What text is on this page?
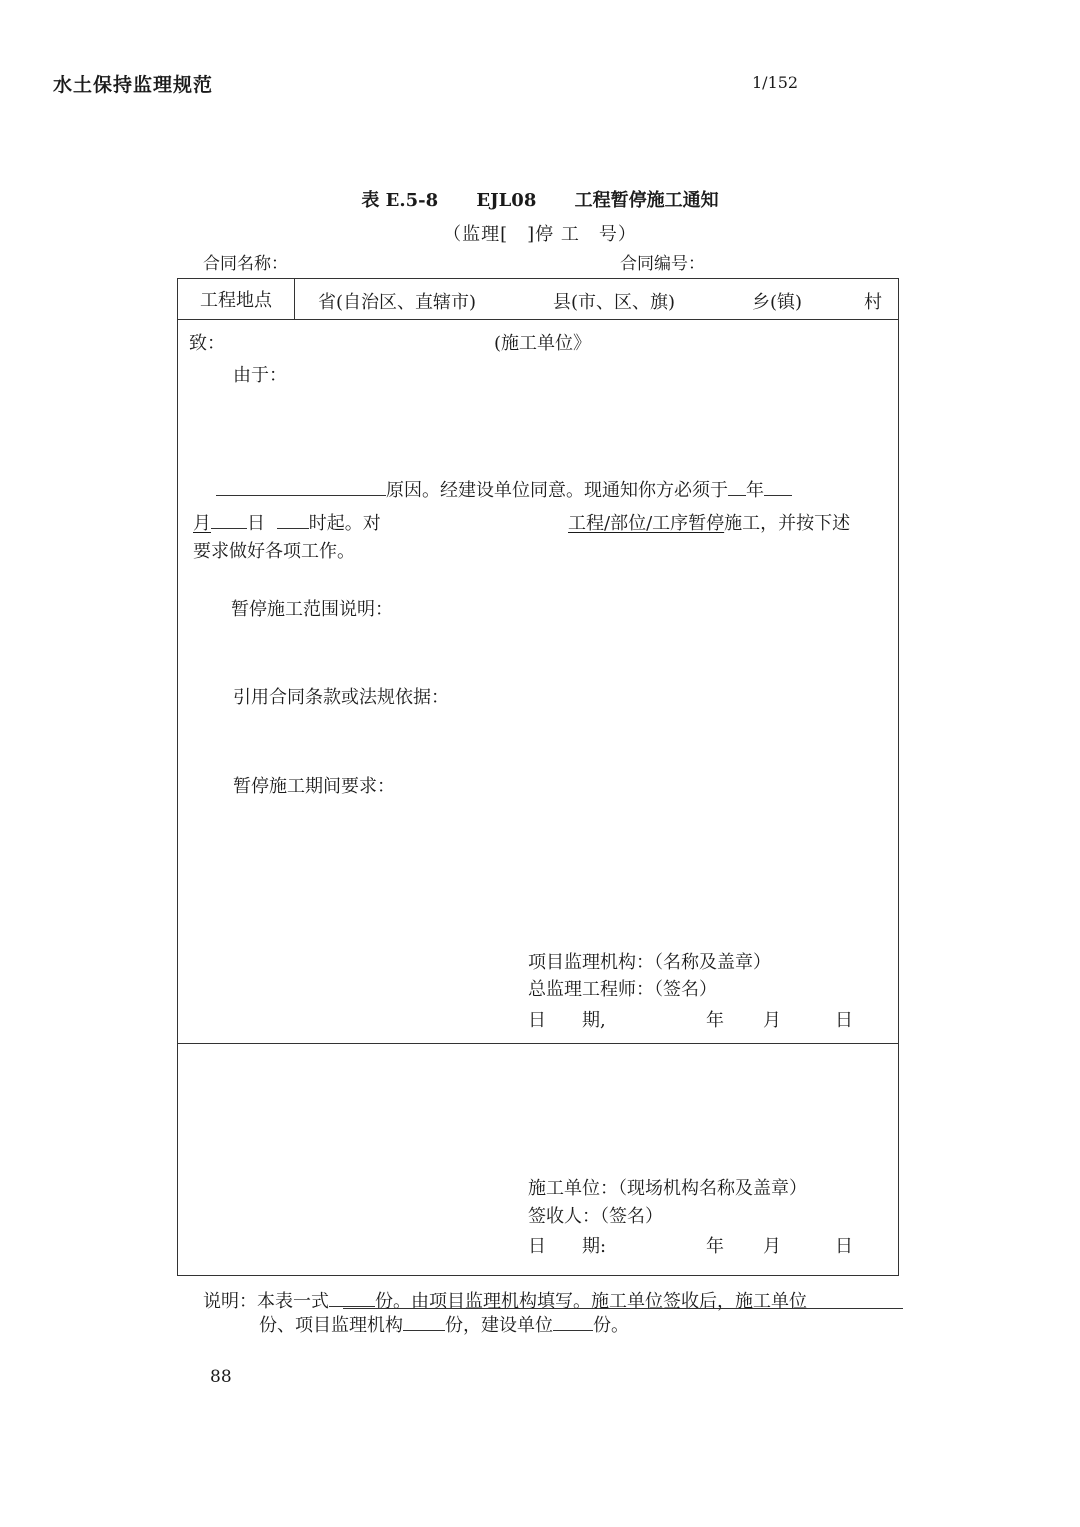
水土保持监理规范	1/152
表 E.5-8 EJL08 工程暂停施工通知
（监理[　]停 工　号）
合同名称：	合同编号：
工程地点	省(自治区、直辖市)	县(市、区、旗)	乡(镇)	村
致：	(施工单位》
由于：
原因。经建设单位同意。现通知你方必须于 年
月 日 时起。对	工程/部位/工序暂停施工，并按下述
要求做好各项工作。
暂停施工范围说明：
引用合同条款或法规依据：
暂停施工期间要求：
项目监理机构：（名称及盖章）
总监理工程师：（签名）
日　　期,	年 月	日
施工单位：（现场机构名称及盖章）
签收人：（签名）
日　　期:	年 月	日
说明：本表一式	份。由项目监理机构填写。施工单位签收后，施工单位
份、项目监理机构 份，建设单位 份。
88
